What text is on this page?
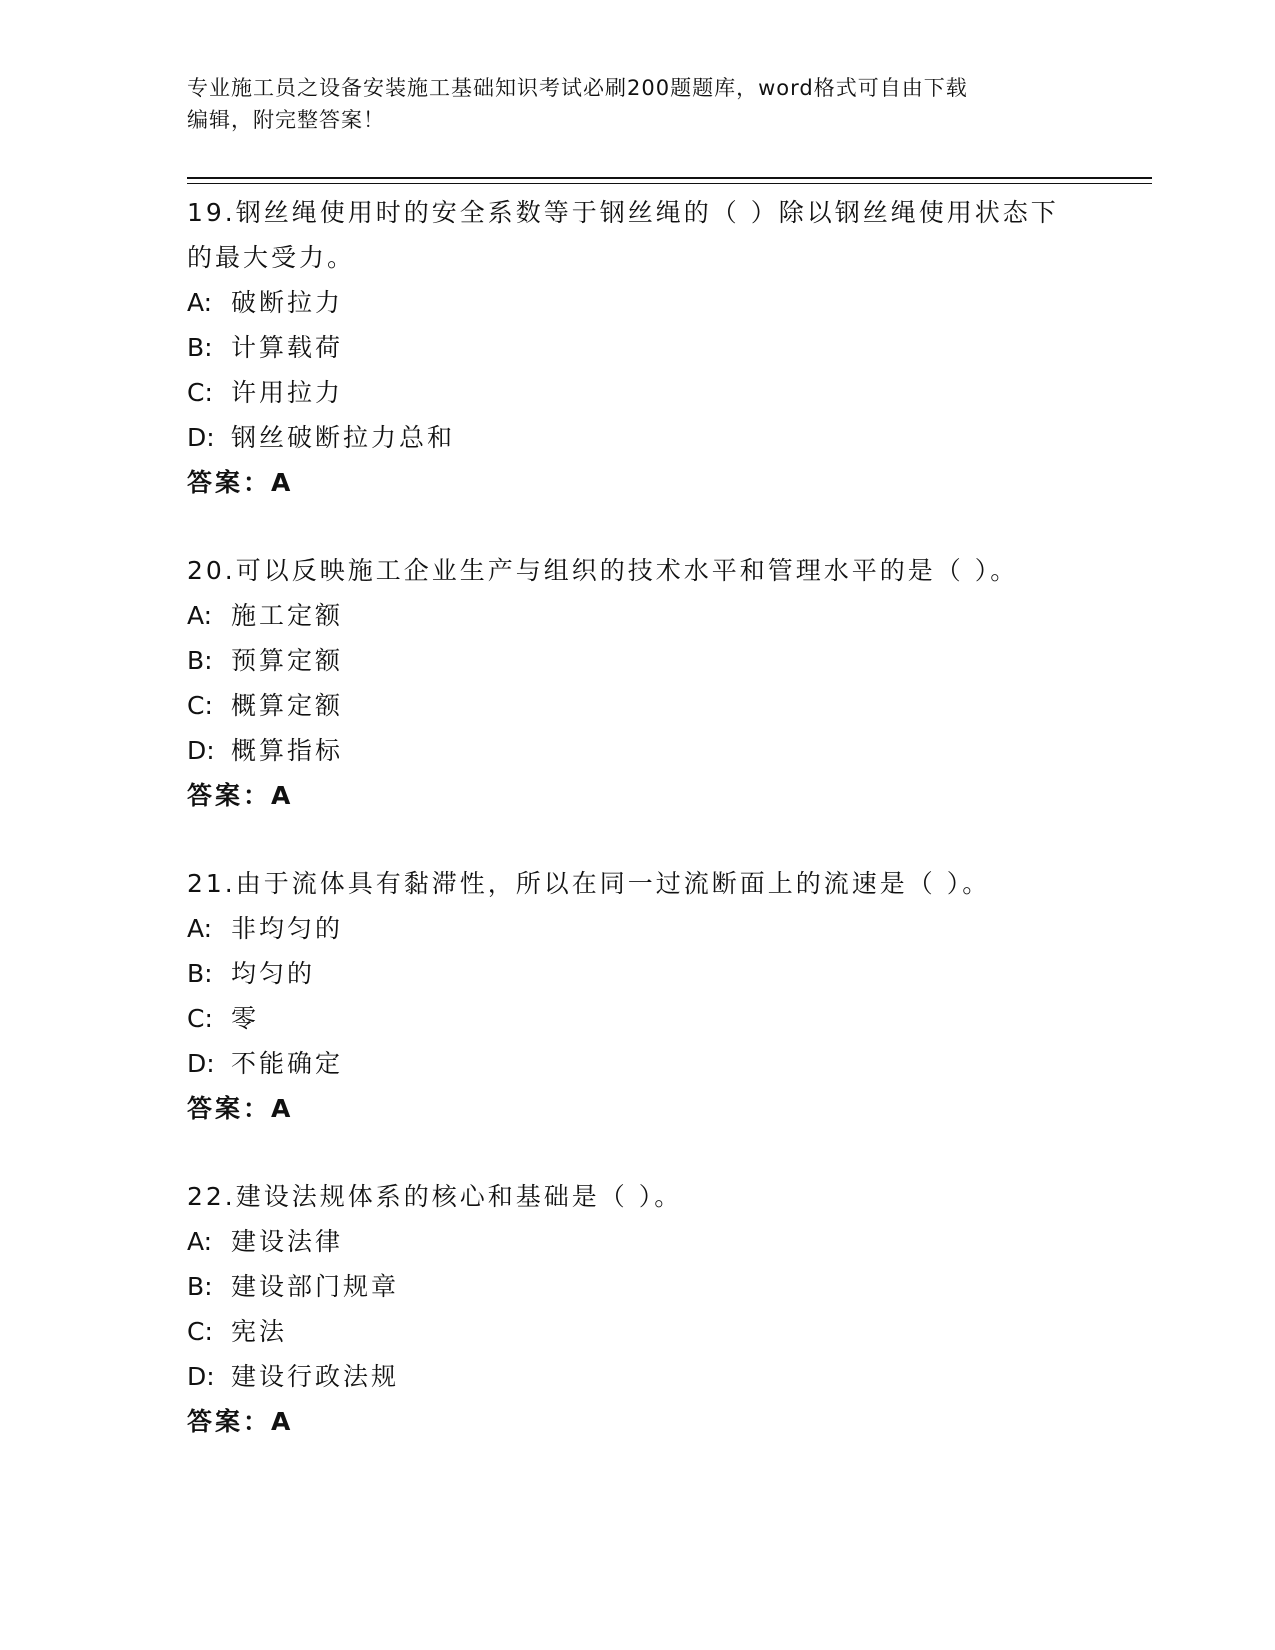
专业施工员之设备安装施工基础知识考试必刷200题题库，word格式可自由下载
编辑，附完整答案！
19.钢丝绳使用时的安全系数等于钢丝绳的（ ）除以钢丝绳使用状态下的最大受力。
A: 破断拉力
B: 计算载荷
C: 许用拉力
D: 钢丝破断拉力总和
答案：A
20.可以反映施工企业生产与组织的技术水平和管理水平的是（ ）。
A: 施工定额
B: 预算定额
C: 概算定额
D: 概算指标
答案：A
21.由于流体具有黏滞性，所以在同一过流断面上的流速是（ ）。
A: 非均匀的
B: 均匀的
C: 零
D: 不能确定
答案：A
22.建设法规体系的核心和基础是（ ）。
A: 建设法律
B: 建设部门规章
C: 宪法
D: 建设行政法规
答案：A
